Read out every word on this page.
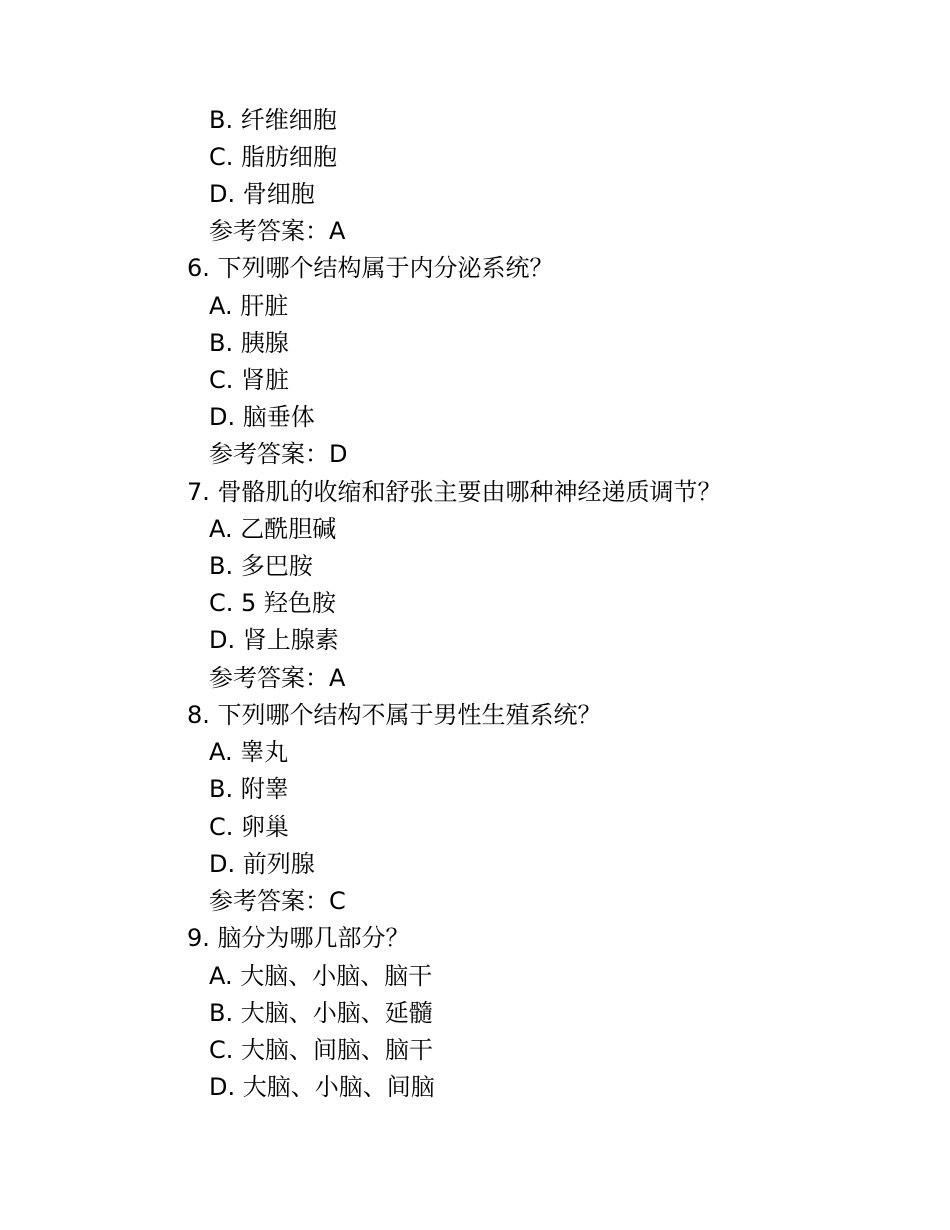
B. 纤维细胞
C. 脂肪细胞
D. 骨细胞
参考答案：A
6. 下列哪个结构属于内分泌系统？
A. 肝脏
B. 胰腺
C. 肾脏
D. 脑垂体
参考答案：D
7. 骨骼肌的收缩和舒张主要由哪种神经递质调节？
A. 乙酰胆碱
B. 多巴胺
C. 5 羟色胺
D. 肾上腺素
参考答案：A
8. 下列哪个结构不属于男性生殖系统？
A. 睾丸
B. 附睾
C. 卵巢
D. 前列腺
参考答案：C
9. 脑分为哪几部分？
A. 大脑、小脑、脑干
B. 大脑、小脑、延髓
C. 大脑、间脑、脑干
D. 大脑、小脑、间脑
